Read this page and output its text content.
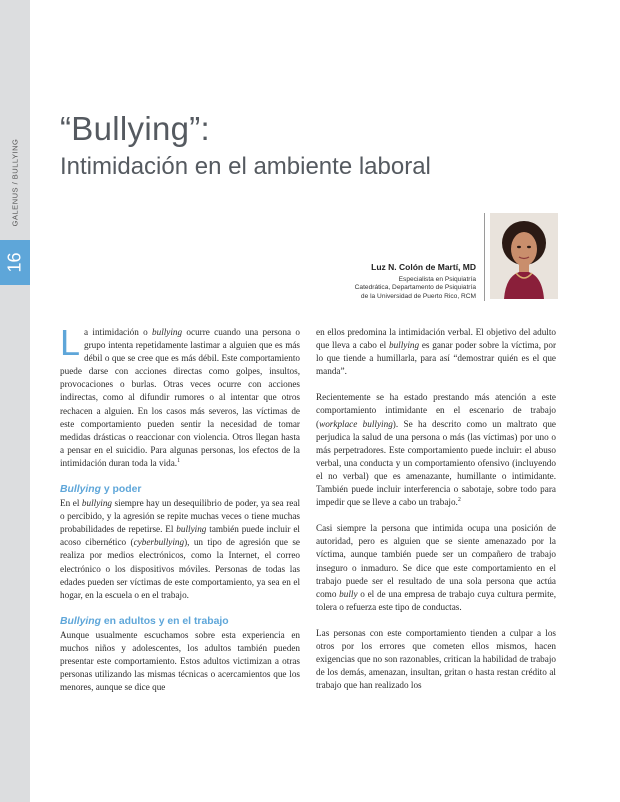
16
GALENUS / BULLYING
“Bullying”:
Intimidación en el ambiente laboral
Luz N. Colón de Martí, MD
Especialista en Psiquiatría
Catedrática, Departamento de Psiquiatría
de la Universidad de Puerto Rico, RCM

La intimidación o bullying ocurre cuando una persona o grupo intenta repetidamente lastimar a alguien que es más débil o que se cree que es más débil. Este comportamiento puede darse con acciones directas como golpes, insultos, provocaciones o burlas. Otras veces ocurre con acciones indirectas, como al difundir rumores o al intentar que otros rechacen a alguien. En los casos más severos, las víctimas de este comportamiento pueden sentir la necesidad de tomar medidas drásticas o reaccionar con violencia. Otros llegan hasta a pensar en el suicidio. Para algunas personas, los efectos de la intimidación duran toda la vida.$^1$

Bullying y poder

En el bullying siempre hay un desequilibrio de poder, ya sea real o percibido, y la agresión se repite muchas veces o tiene muchas probabilidades de repetirse. El bullying también puede incluir el acoso cibernético (cyberbullying), un tipo de agresión que se realiza por medios electrónicos, como la Internet, el correo electrónico o los dispositivos móviles. Personas de todas las edades pueden ser víctimas de este comportamiento, ya sea en el hogar, en la escuela o en el trabajo.

Bullying en adultos y en el trabajo

Aunque usualmente escuchamos sobre esta experiencia en muchos niños y adolescentes, los adultos también pueden presentar este comportamiento. Estos adultos victimizan a otras personas utilizando las mismas técnicas o acercamientos que los menores, aunque se dice que

en ellos predomina la intimidación verbal. El objetivo del adulto que lleva a cabo el bullying es ganar poder sobre la víctima, por lo que tiende a humillarla, para así “demostrar quién es el que manda”.

Recientemente se ha estado prestando más atención a este comportamiento intimidante en el escenario de trabajo (workplace bullying). Se ha descrito como un maltrato que perjudica la salud de una persona o más (las víctimas) por uno o más perpetradores. Este comportamiento puede incluir: el abuso verbal, una conducta y un comportamiento ofensivo (incluyendo el no verbal) que es amenazante, humillante o intimidante. También puede incluir interferencia o sabotaje, sobre todo para impedir que se lleve a cabo un trabajo.$^2$

Casi siempre la persona que intimida ocupa una posición de autoridad, pero es alguien que se siente amenazado por la víctima, aunque también puede ser un compañero de trabajo inseguro o inmaduro. Se dice que este comportamiento en el trabajo puede ser el resultado de una sola persona que actúa como bully o el de una empresa de trabajo cuya cultura permite, tolera o refuerza este tipo de conductas.

Las personas con este comportamiento tienden a culpar a los otros por los errores que cometen ellos mismos, hacen exigencias que no son razonables, critican la habilidad de trabajo de los demás, amenazan, insultan, gritan o hasta restan crédito al trabajo que han realizado los
